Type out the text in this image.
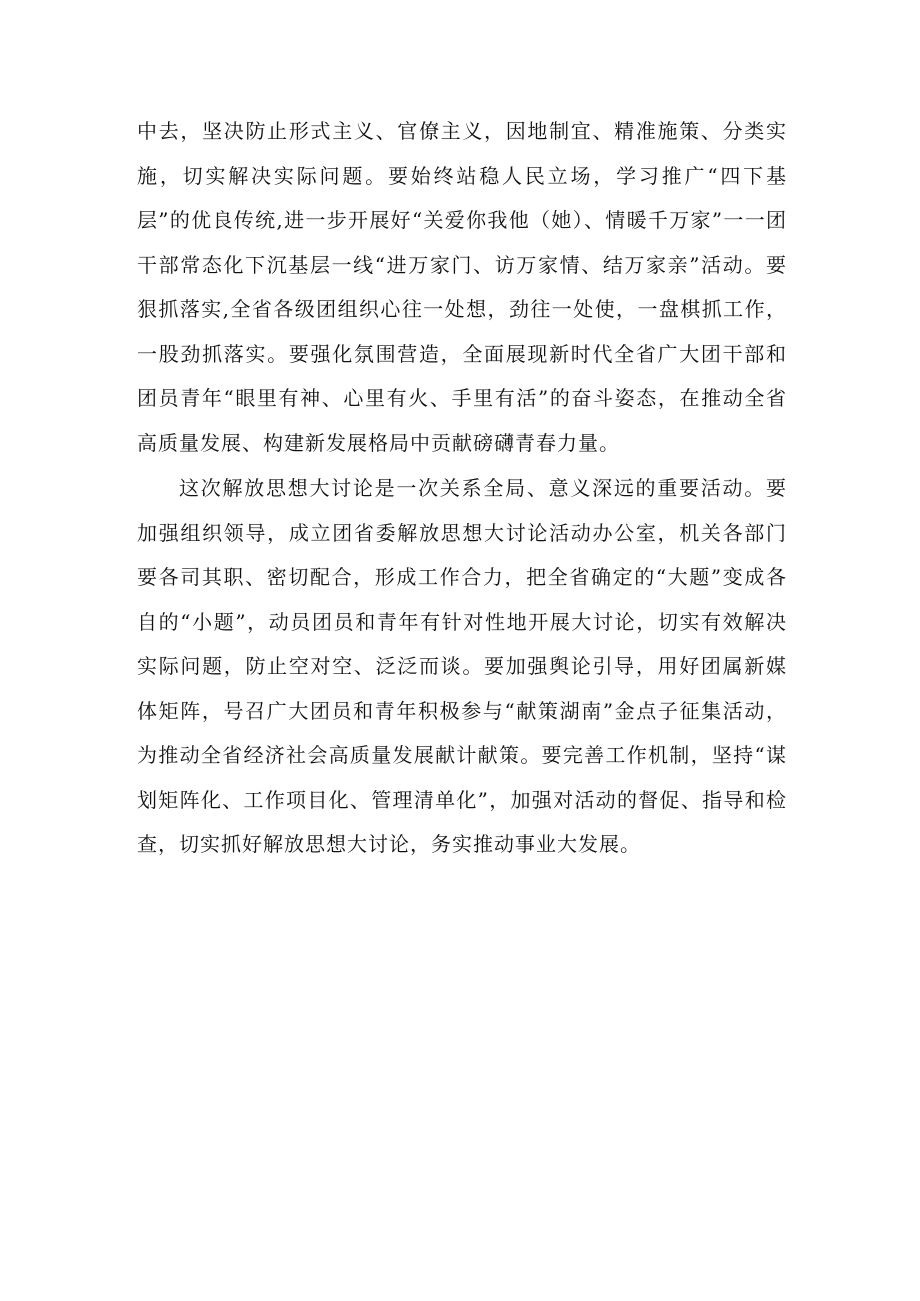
中去，坚决防止形式主义、官僚主义，因地制宜、精准施策、分类实施，切实解决实际问题。要始终站稳人民立场，学习推广“四下基层”的优良传统,进一步开展好“关爱你我他（她）、情暖千万家”一一团干部常态化下沉基层一线“进万家门、访万家情、结万家亲”活动。要狠抓落实,全省各级团组织心往一处想，劲往一处使，一盘棋抓工作，一股劲抓落实。要强化氛围营造，全面展现新时代全省广大团干部和团员青年“眼里有神、心里有火、手里有活”的奋斗姿态，在推动全省高质量发展、构建新发展格局中贡献磅礴青春力量。

这次解放思想大讨论是一次关系全局、意义深远的重要活动。要加强组织领导，成立团省委解放思想大讨论活动办公室，机关各部门要各司其职、密切配合，形成工作合力，把全省确定的“大题”变成各自的“小题”，动员团员和青年有针对性地开展大讨论，切实有效解决实际问题，防止空对空、泛泛而谈。要加强舆论引导，用好团属新媒体矩阵，号召广大团员和青年积极参与“献策湖南”金点子征集活动，为推动全省经济社会高质量发展献计献策。要完善工作机制，坚持“谋划矩阵化、工作项目化、管理清单化”，加强对活动的督促、指导和检查，切实抓好解放思想大讨论，务实推动事业大发展。
